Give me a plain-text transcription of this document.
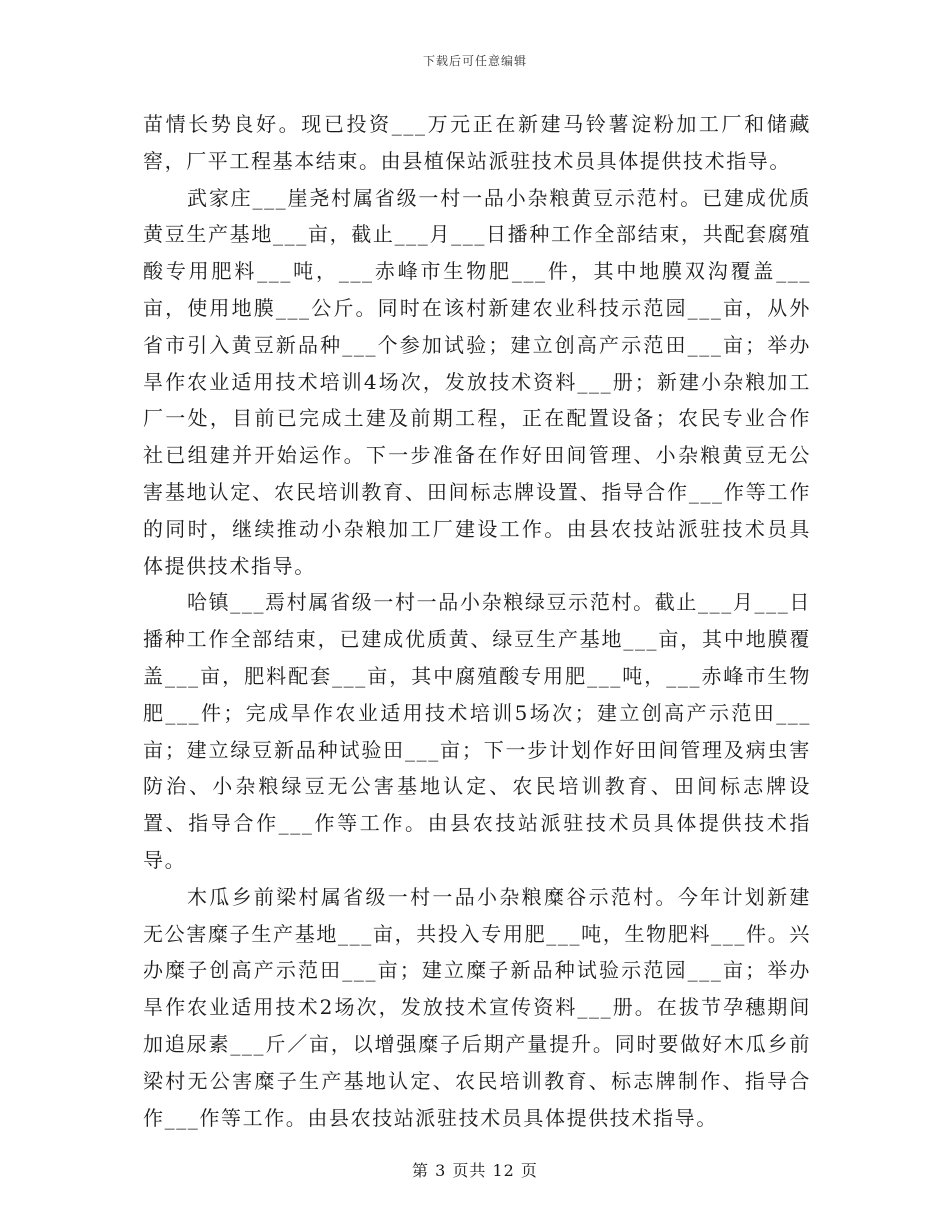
下载后可任意编辑

苗情长势良好。现已投资___万元正在新建马铃薯淀粉加工厂和储藏窖，厂平工程基本结束。由县植保站派驻技术员具体提供技术指导。

武家庄___崖尧村属省级一村一品小杂粮黄豆示范村。已建成优质黄豆生产基地___亩，截止___月___日播种工作全部结束，共配套腐殖酸专用肥料___吨，___赤峰市生物肥___件，其中地膜双沟覆盖___亩，使用地膜___公斤。同时在该村新建农业科技示范园___亩，从外省市引入黄豆新品种___个参加试验；建立创高产示范田___亩；举办旱作农业适用技术培训4场次，发放技术资料___册；新建小杂粮加工厂一处，目前已完成土建及前期工程，正在配置设备；农民专业合作社已组建并开始运作。下一步准备在作好田间管理、小杂粮黄豆无公害基地认定、农民培训教育、田间标志牌设置、指导合作___作等工作的同时，继续推动小杂粮加工厂建设工作。由县农技站派驻技术员具体提供技术指导。

哈镇___焉村属省级一村一品小杂粮绿豆示范村。截止___月___日播种工作全部结束，已建成优质黄、绿豆生产基地___亩，其中地膜覆盖___亩，肥料配套___亩，其中腐殖酸专用肥___吨，___赤峰市生物肥___件；完成旱作农业适用技术培训5场次；建立创高产示范田___亩；建立绿豆新品种试验田___亩；下一步计划作好田间管理及病虫害防治、小杂粮绿豆无公害基地认定、农民培训教育、田间标志牌设置、指导合作___作等工作。由县农技站派驻技术员具体提供技术指导。

木瓜乡前梁村属省级一村一品小杂粮糜谷示范村。今年计划新建无公害糜子生产基地___亩，共投入专用肥___吨，生物肥料___件。兴办糜子创高产示范田___亩；建立糜子新品种试验示范园___亩；举办旱作农业适用技术2场次，发放技术宣传资料___册。在拔节孕穗期间加追尿素___斤／亩，以增强糜子后期产量提升。同时要做好木瓜乡前梁村无公害糜子生产基地认定、农民培训教育、标志牌制作、指导合作___作等工作。由县农技站派驻技术员具体提供技术指导。

第 3 页共 12 页
